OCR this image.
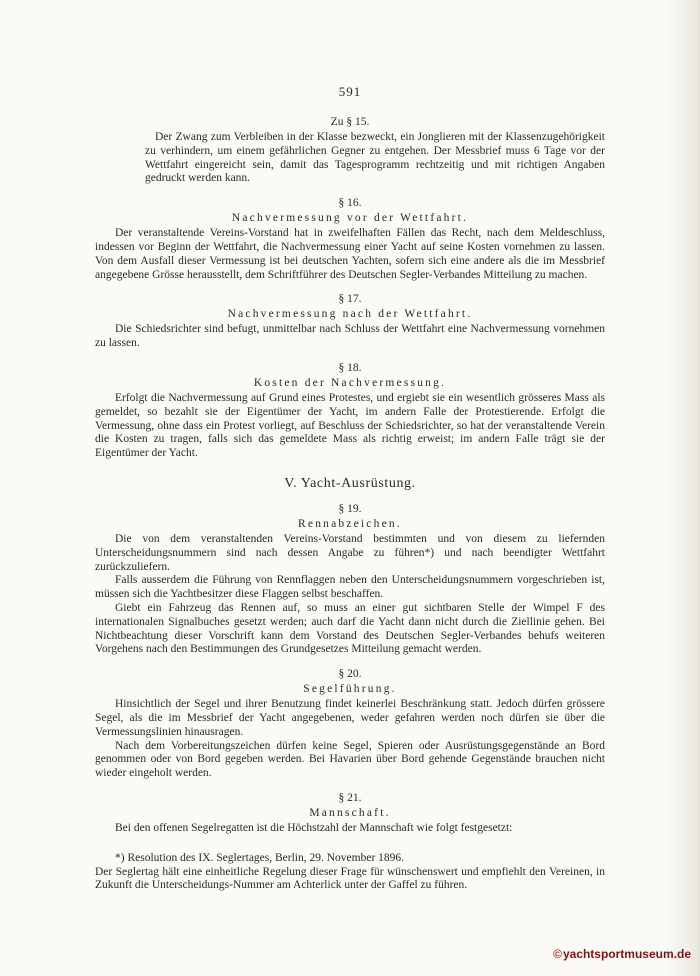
591
Zu § 15.

Der Zwang zum Verbleiben in der Klasse bezweckt, ein Jonglieren mit der Klassenzugehörigkeit zu verhindern, um einem gefährlichen Gegner zu entgehen. Der Messbrief muss 6 Tage vor der Wettfahrt eingereicht sein, damit das Tagesprogramm rechtzeitig und mit richtigen Angaben gedruckt werden kann.

§ 16.
Nachvermessung vor der Wettfahrt.

Der veranstaltende Vereins-Vorstand hat in zweifelhaften Fällen das Recht, nach dem Meldeschluss, indessen vor Beginn der Wettfahrt, die Nachvermessung einer Yacht auf seine Kosten vornehmen zu lassen. Von dem Ausfall dieser Vermessung ist bei deutschen Yachten, sofern sich eine andere als die im Messbrief angegebene Grösse herausstellt, dem Schriftführer des Deutschen Segler-Verbandes Mitteilung zu machen.

§ 17.
Nachvermessung nach der Wettfahrt.

Die Schiedsrichter sind befugt, unmittelbar nach Schluss der Wettfahrt eine Nachvermessung vornehmen zu lassen.

§ 18.
Kosten der Nachvermessung.

Erfolgt die Nachvermessung auf Grund eines Protestes, und ergiebt sie ein wesentlich grösseres Mass als gemeldet, so bezahlt sie der Eigentümer der Yacht, im andern Falle der Protestierende. Erfolgt die Vermessung, ohne dass ein Protest vorliegt, auf Beschluss der Schiedsrichter, so hat der veranstaltende Verein die Kosten zu tragen, falls sich das gemeldete Mass als richtig erweist; im andern Falle trägt sie der Eigentümer der Yacht.

V. Yacht-Ausrüstung.
§ 19.
Rennabzeichen.

Die von dem veranstaltenden Vereins-Vorstand bestimmten und von diesem zu liefernden Unterscheidungsnummern sind nach dessen Angabe zu führen*) und nach beendigter Wettfahrt zurückzuliefern.

Falls ausserdem die Führung von Rennflaggen neben den Unterscheidungsnummern vorgeschrieben ist, müssen sich die Yachtbesitzer diese Flaggen selbst beschaffen.

Giebt ein Fahrzeug das Rennen auf, so muss an einer gut sichtbaren Stelle der Wimpel F des internationalen Signalbuches gesetzt werden; auch darf die Yacht dann nicht durch die Ziellinie gehen. Bei Nichtbeachtung dieser Vorschrift kann dem Vorstand des Deutschen Segler-Verbandes behufs weiteren Vorgehens nach den Bestimmungen des Grundgesetzes Mitteilung gemacht werden.

§ 20.
Segelführung.

Hinsichtlich der Segel und ihrer Benutzung findet keinerlei Beschränkung statt. Jedoch dürfen grössere Segel, als die im Messbrief der Yacht angegebenen, weder gefahren werden noch dürfen sie über die Vermessungslinien hinausragen.

Nach dem Vorbereitungszeichen dürfen keine Segel, Spieren oder Ausrüstungsgegenstände an Bord genommen oder von Bord gegeben werden. Bei Havarien über Bord gehende Gegenstände brauchen nicht wieder eingeholt werden.

§ 21.
Mannschaft.

Bei den offenen Segelregatten ist die Höchstzahl der Mannschaft wie folgt festgesetzt:

*) Resolution des IX. Seglertages, Berlin, 29. November 1896.

Der Seglertag hält eine einheitliche Regelung dieser Frage für wünschenswert und empfiehlt den Vereinen, in Zukunft die Unterscheidungs-Nummer am Achterlick unter der Gaffel zu führen.

©yachtsportmuseum.de
